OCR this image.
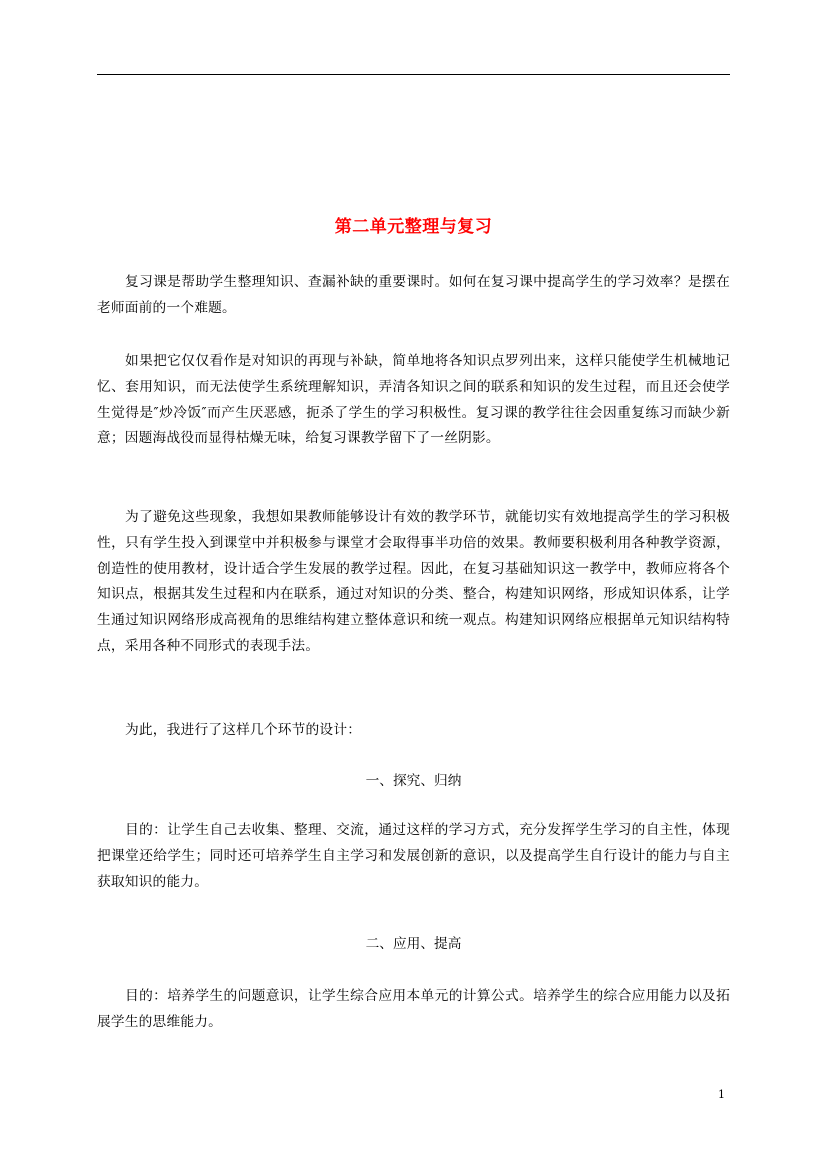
第二单元整理与复习

复习课是帮助学生整理知识、查漏补缺的重要课时。如何在复习课中提高学生的学习效率？是摆在老师面前的一个难题。

如果把它仅仅看作是对知识的再现与补缺，简单地将各知识点罗列出来，这样只能使学生机械地记忆、套用知识，而无法使学生系统理解知识，弄清各知识之间的联系和知识的发生过程，而且还会使学生觉得是″炒冷饭″而产生厌恶感，扼杀了学生的学习积极性。复习课的教学往往会因重复练习而缺少新意；因题海战役而显得枯燥无味，给复习课教学留下了一丝阴影。

为了避免这些现象，我想如果教师能够设计有效的教学环节，就能切实有效地提高学生的学习积极性，只有学生投入到课堂中并积极参与课堂才会取得事半功倍的效果。教师要积极利用各种教学资源，创造性的使用教材，设计适合学生发展的教学过程。因此，在复习基础知识这一教学中，教师应将各个知识点，根据其发生过程和内在联系，通过对知识的分类、整合，构建知识网络，形成知识体系，让学生通过知识网络形成高视角的思维结构建立整体意识和统一观点。构建知识网络应根据单元知识结构特点，采用各种不同形式的表现手法。

为此，我进行了这样几个环节的设计：

一、探究、归纳

目的：让学生自己去收集、整理、交流，通过这样的学习方式，充分发挥学生学习的自主性，体现把课堂还给学生；同时还可培养学生自主学习和发展创新的意识，以及提高学生自行设计的能力与自主获取知识的能力。

二、应用、提高

目的：培养学生的问题意识，让学生综合应用本单元的计算公式。培养学生的综合应用能力以及拓展学生的思维能力。

1
